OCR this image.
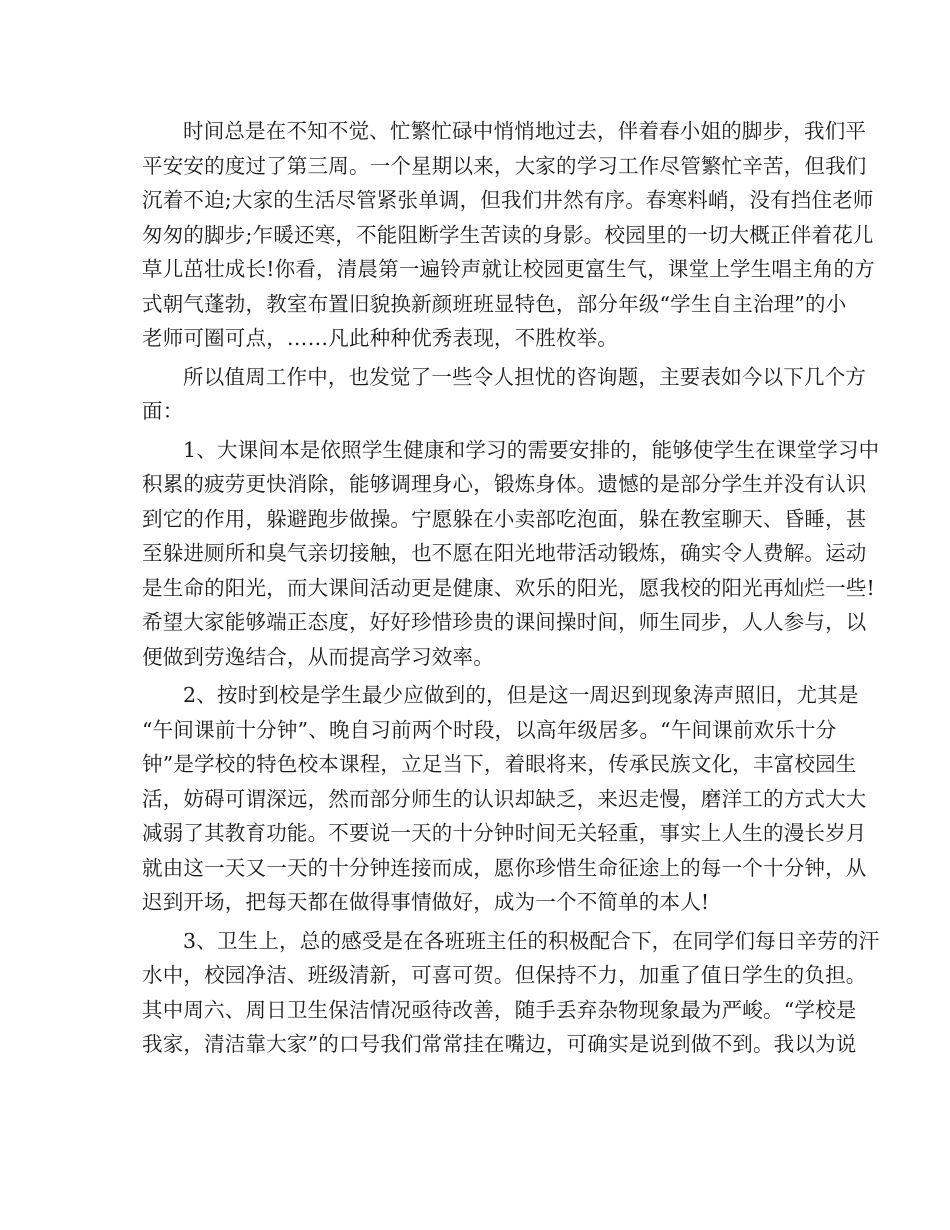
时间总是在不知不觉、忙繁忙碌中悄悄地过去，伴着春小姐的脚步，我们平
平安安的度过了第三周。一个星期以来，大家的学习工作尽管繁忙辛苦，但我们
沉着不迫;大家的生活尽管紧张单调，但我们井然有序。春寒料峭，没有挡住老师
匆匆的脚步;乍暖还寒，不能阻断学生苦读的身影。校园里的一切大概正伴着花儿
草儿茁壮成长!你看，清晨第一遍铃声就让校园更富生气，课堂上学生唱主角的方
式朝气蓬勃，教室布置旧貌换新颜班班显特色，部分年级“学生自主治理”的小
老师可圈可点，……凡此种种优秀表现，不胜枚举。
所以值周工作中，也发觉了一些令人担忧的咨询题，主要表如今以下几个方
面：
1、大课间本是依照学生健康和学习的需要安排的，能够使学生在课堂学习中
积累的疲劳更快消除，能够调理身心，锻炼身体。遗憾的是部分学生并没有认识
到它的作用，躲避跑步做操。宁愿躲在小卖部吃泡面，躲在教室聊天、昏睡，甚
至躲进厕所和臭气亲切接触，也不愿在阳光地带活动锻炼，确实令人费解。运动
是生命的阳光，而大课间活动更是健康、欢乐的阳光，愿我校的阳光再灿烂一些!
希望大家能够端正态度，好好珍惜珍贵的课间操时间，师生同步，人人参与，以
便做到劳逸结合，从而提高学习效率。
2、按时到校是学生最少应做到的，但是这一周迟到现象涛声照旧，尤其是
“午间课前十分钟”、晚自习前两个时段，以高年级居多。“午间课前欢乐十分
钟”是学校的特色校本课程，立足当下，着眼将来，传承民族文化，丰富校园生
活，妨碍可谓深远，然而部分师生的认识却缺乏，来迟走慢，磨洋工的方式大大
减弱了其教育功能。不要说一天的十分钟时间无关轻重，事实上人生的漫长岁月
就由这一天又一天的十分钟连接而成，愿你珍惜生命征途上的每一个十分钟，从
迟到开场，把每天都在做得事情做好，成为一个不简单的本人!
3、卫生上，总的感受是在各班班主任的积极配合下，在同学们每日辛劳的汗
水中，校园净洁、班级清新，可喜可贺。但保持不力，加重了值日学生的负担。
其中周六、周日卫生保洁情况亟待改善，随手丢弃杂物现象最为严峻。“学校是
我家，清洁靠大家”的口号我们常常挂在嘴边，可确实是说到做不到。我以为说
